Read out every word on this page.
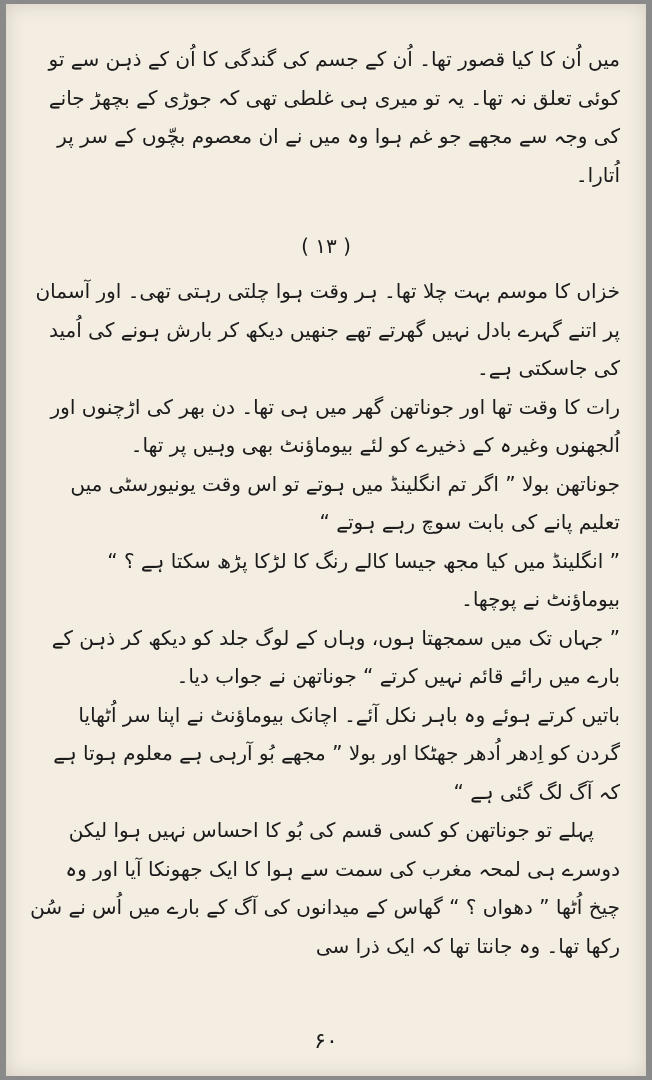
میں اُن کا کیا قصور تھا۔ اُن کے جسم کی گندگی کا اُن کے ذہن سے تو کوئی تعلق نہ تھا۔ یہ تو میری ہی غلطی تھی کہ جوڑی کے بچھڑ جانے کی وجہ سے مجھے جو غم ہوا وہ میں نے ان معصوم بچّوں کے سر پر اُتارا۔

( ۱۳ )

خزاں کا موسم بہت چلا تھا۔ ہر وقت ہوا چلتی رہتی تھی۔ اور آسمان پر اتنے گہرے بادل نہیں گھرتے تھے جنھیں دیکھ کر بارش ہونے کی اُمید کی جاسکتی ہے۔

رات کا وقت تھا اور جوناتھن گھر میں ہی تھا۔ دن بھر کی اڑچنوں اور اُلجھنوں وغیرہ کے ذخیرے کو لئے بیوماؤنٹ بھی وہیں پر تھا۔

جوناتھن بولا ” اگر تم انگلینڈ میں ہوتے تو اس وقت یونیورسٹی میں تعلیم پانے کی بابت سوچ رہے ہوتے “

” انگلینڈ میں کیا مجھ جیسا کالے رنگ کا لڑکا پڑھ سکتا ہے ؟ “ بیوماؤنٹ نے پوچھا۔

” جہاں تک میں سمجھتا ہوں، وہاں کے لوگ جلد کو دیکھ کر ذہن کے بارے میں رائے قائم نہیں کرتے “ جوناتھن نے جواب دیا۔

باتیں کرتے ہوئے وہ باہر نکل آئے۔ اچانک بیوماؤنٹ نے اپنا سر اُٹھایا گردن کو اِدھر اُدھر جھٹکا اور بولا ” مجھے بُو آرہی ہے معلوم ہوتا ہے کہ آگ لگ گئی ہے “

پہلے تو جوناتھن کو کسی قسم کی بُو کا احساس نہیں ہوا لیکن دوسرے ہی لمحہ مغرب کی سمت سے ہوا کا ایک جھونکا آیا اور وہ چیخ اُٹھا ” دھواں ؟ “ گھاس کے میدانوں کی آگ کے بارے میں اُس نے سُن رکھا تھا۔ وہ جانتا تھا کہ ایک ذرا سی

۶۰
